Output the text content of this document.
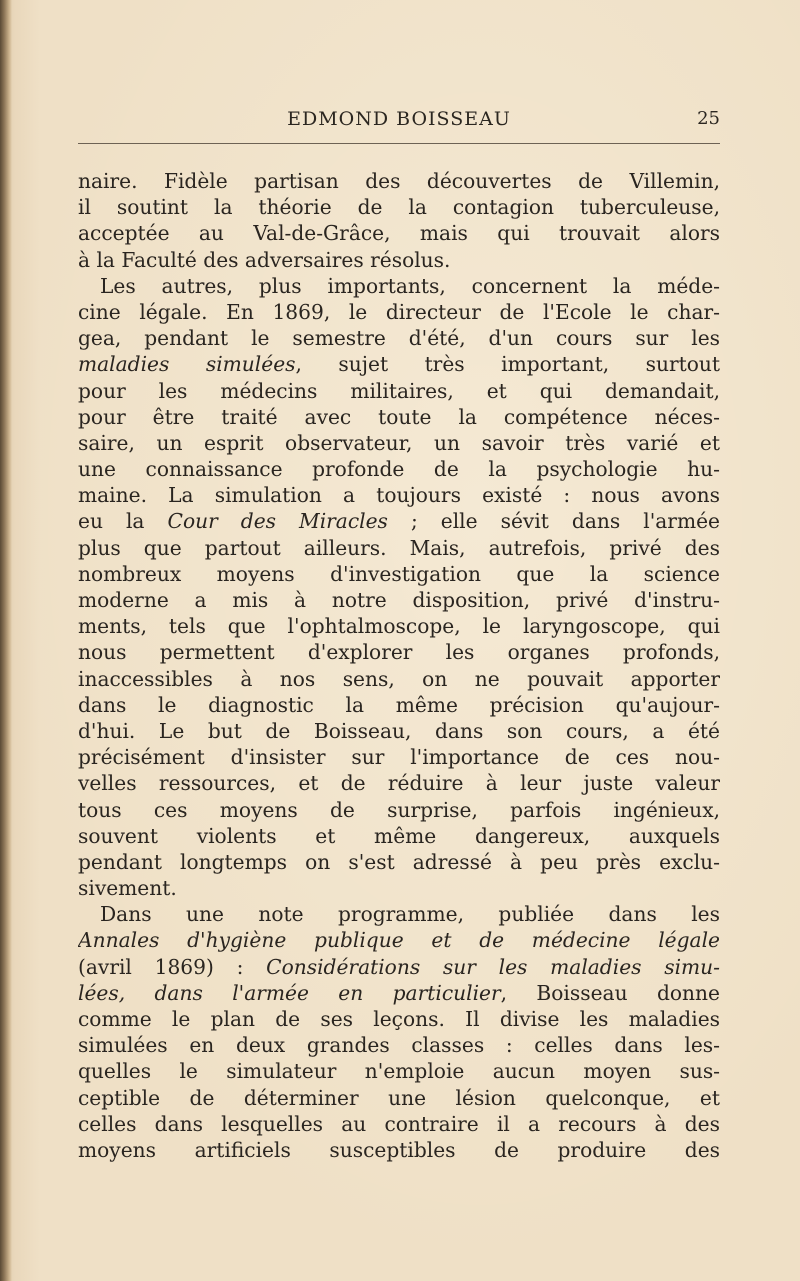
EDMOND BOISSEAU	25
naire. Fidèle partisan des découvertes de Villemin,
il soutint la théorie de la contagion tuberculeuse,
acceptée au Val-de-Grâce, mais qui trouvait alors
à la Faculté des adversaires résolus.
Les autres, plus importants, concernent la méde-
cine légale. En 1869, le directeur de l'Ecole le char-
gea, pendant le semestre d'été, d'un cours sur les
maladies simulées, sujet très important, surtout
pour les médecins militaires, et qui demandait,
pour être traité avec toute la compétence néces-
saire, un esprit observateur, un savoir très varié et
une connaissance profonde de la psychologie hu-
maine. La simulation a toujours existé : nous avons
eu la Cour des Miracles ; elle sévit dans l'armée
plus que partout ailleurs. Mais, autrefois, privé des
nombreux moyens d'investigation que la science
moderne a mis à notre disposition, privé d'instru-
ments, tels que l'ophtalmoscope, le laryngoscope, qui
nous permettent d'explorer les organes profonds,
inaccessibles à nos sens, on ne pouvait apporter
dans le diagnostic la même précision qu'aujour-
d'hui. Le but de Boisseau, dans son cours, a été
précisément d'insister sur l'importance de ces nou-
velles ressources, et de réduire à leur juste valeur
tous ces moyens de surprise, parfois ingénieux,
souvent violents et même dangereux, auxquels
pendant longtemps on s'est adressé à peu près exclu-
sivement.
Dans une note programme, publiée dans les
Annales d'hygiène publique et de médecine légale
(avril 1869) : Considérations sur les maladies simu-
lées, dans l'armée en particulier, Boisseau donne
comme le plan de ses leçons. Il divise les maladies
simulées en deux grandes classes : celles dans les-
quelles le simulateur n'emploie aucun moyen sus-
ceptible de déterminer une lésion quelconque, et
celles dans lesquelles au contraire il a recours à des
moyens artificiels susceptibles de produire des
